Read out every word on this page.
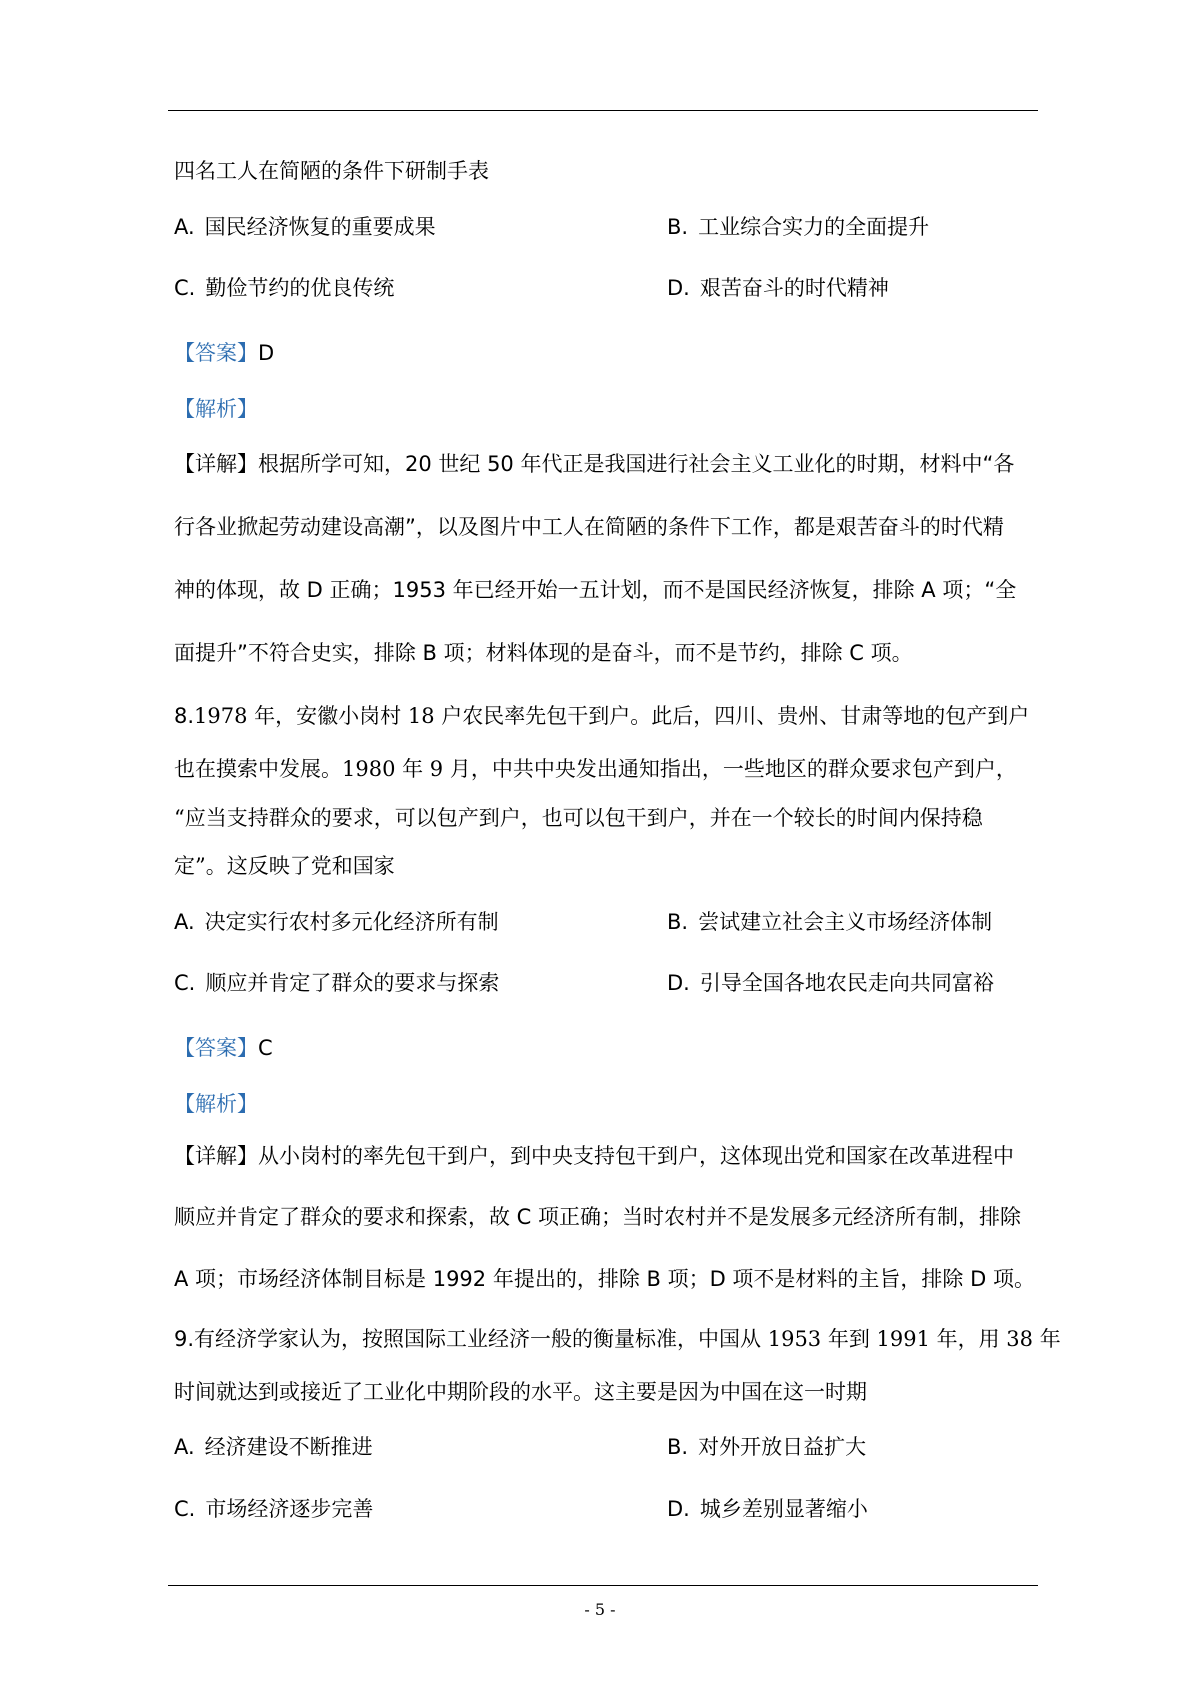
四名工人在简陋的条件下研制手表
A. 国民经济恢复的重要成果	B. 工业综合实力的全面提升
C. 勤俭节约的优良传统	D. 艰苦奋斗的时代精神
【答案】D
【解析】
【详解】根据所学可知，20 世纪 50 年代正是我国进行社会主义工业化的时期，材料中“各
行各业掀起劳动建设高潮”，以及图片中工人在简陋的条件下工作，都是艰苦奋斗的时代精
神的体现，故 D 正确；1953 年已经开始一五计划，而不是国民经济恢复，排除 A 项；“全
面提升”不符合史实，排除 B 项；材料体现的是奋斗，而不是节约，排除 C 项。
8.1978 年，安徽小岗村 18 户农民率先包干到户。此后，四川、贵州、甘肃等地的包产到户
也在摸索中发展。1980 年 9 月，中共中央发出通知指出，一些地区的群众要求包产到户，
“应当支持群众的要求，可以包产到户，也可以包干到户，并在一个较长的时间内保持稳
定”。这反映了党和国家
A. 决定实行农村多元化经济所有制	B. 尝试建立社会主义市场经济体制
C. 顺应并肯定了群众的要求与探索	D. 引导全国各地农民走向共同富裕
【答案】C
【解析】
【详解】从小岗村的率先包干到户，到中央支持包干到户，这体现出党和国家在改革进程中
顺应并肯定了群众的要求和探索，故 C 项正确；当时农村并不是发展多元经济所有制，排除
A 项；市场经济体制目标是 1992 年提出的，排除 B 项；D 项不是材料的主旨，排除 D 项。
9.有经济学家认为，按照国际工业经济一般的衡量标准，中国从 1953 年到 1991 年，用 38 年
时间就达到或接近了工业化中期阶段的水平。这主要是因为中国在这一时期
A. 经济建设不断推进	B. 对外开放日益扩大
C. 市场经济逐步完善	D. 城乡差别显著缩小
- 5 -
